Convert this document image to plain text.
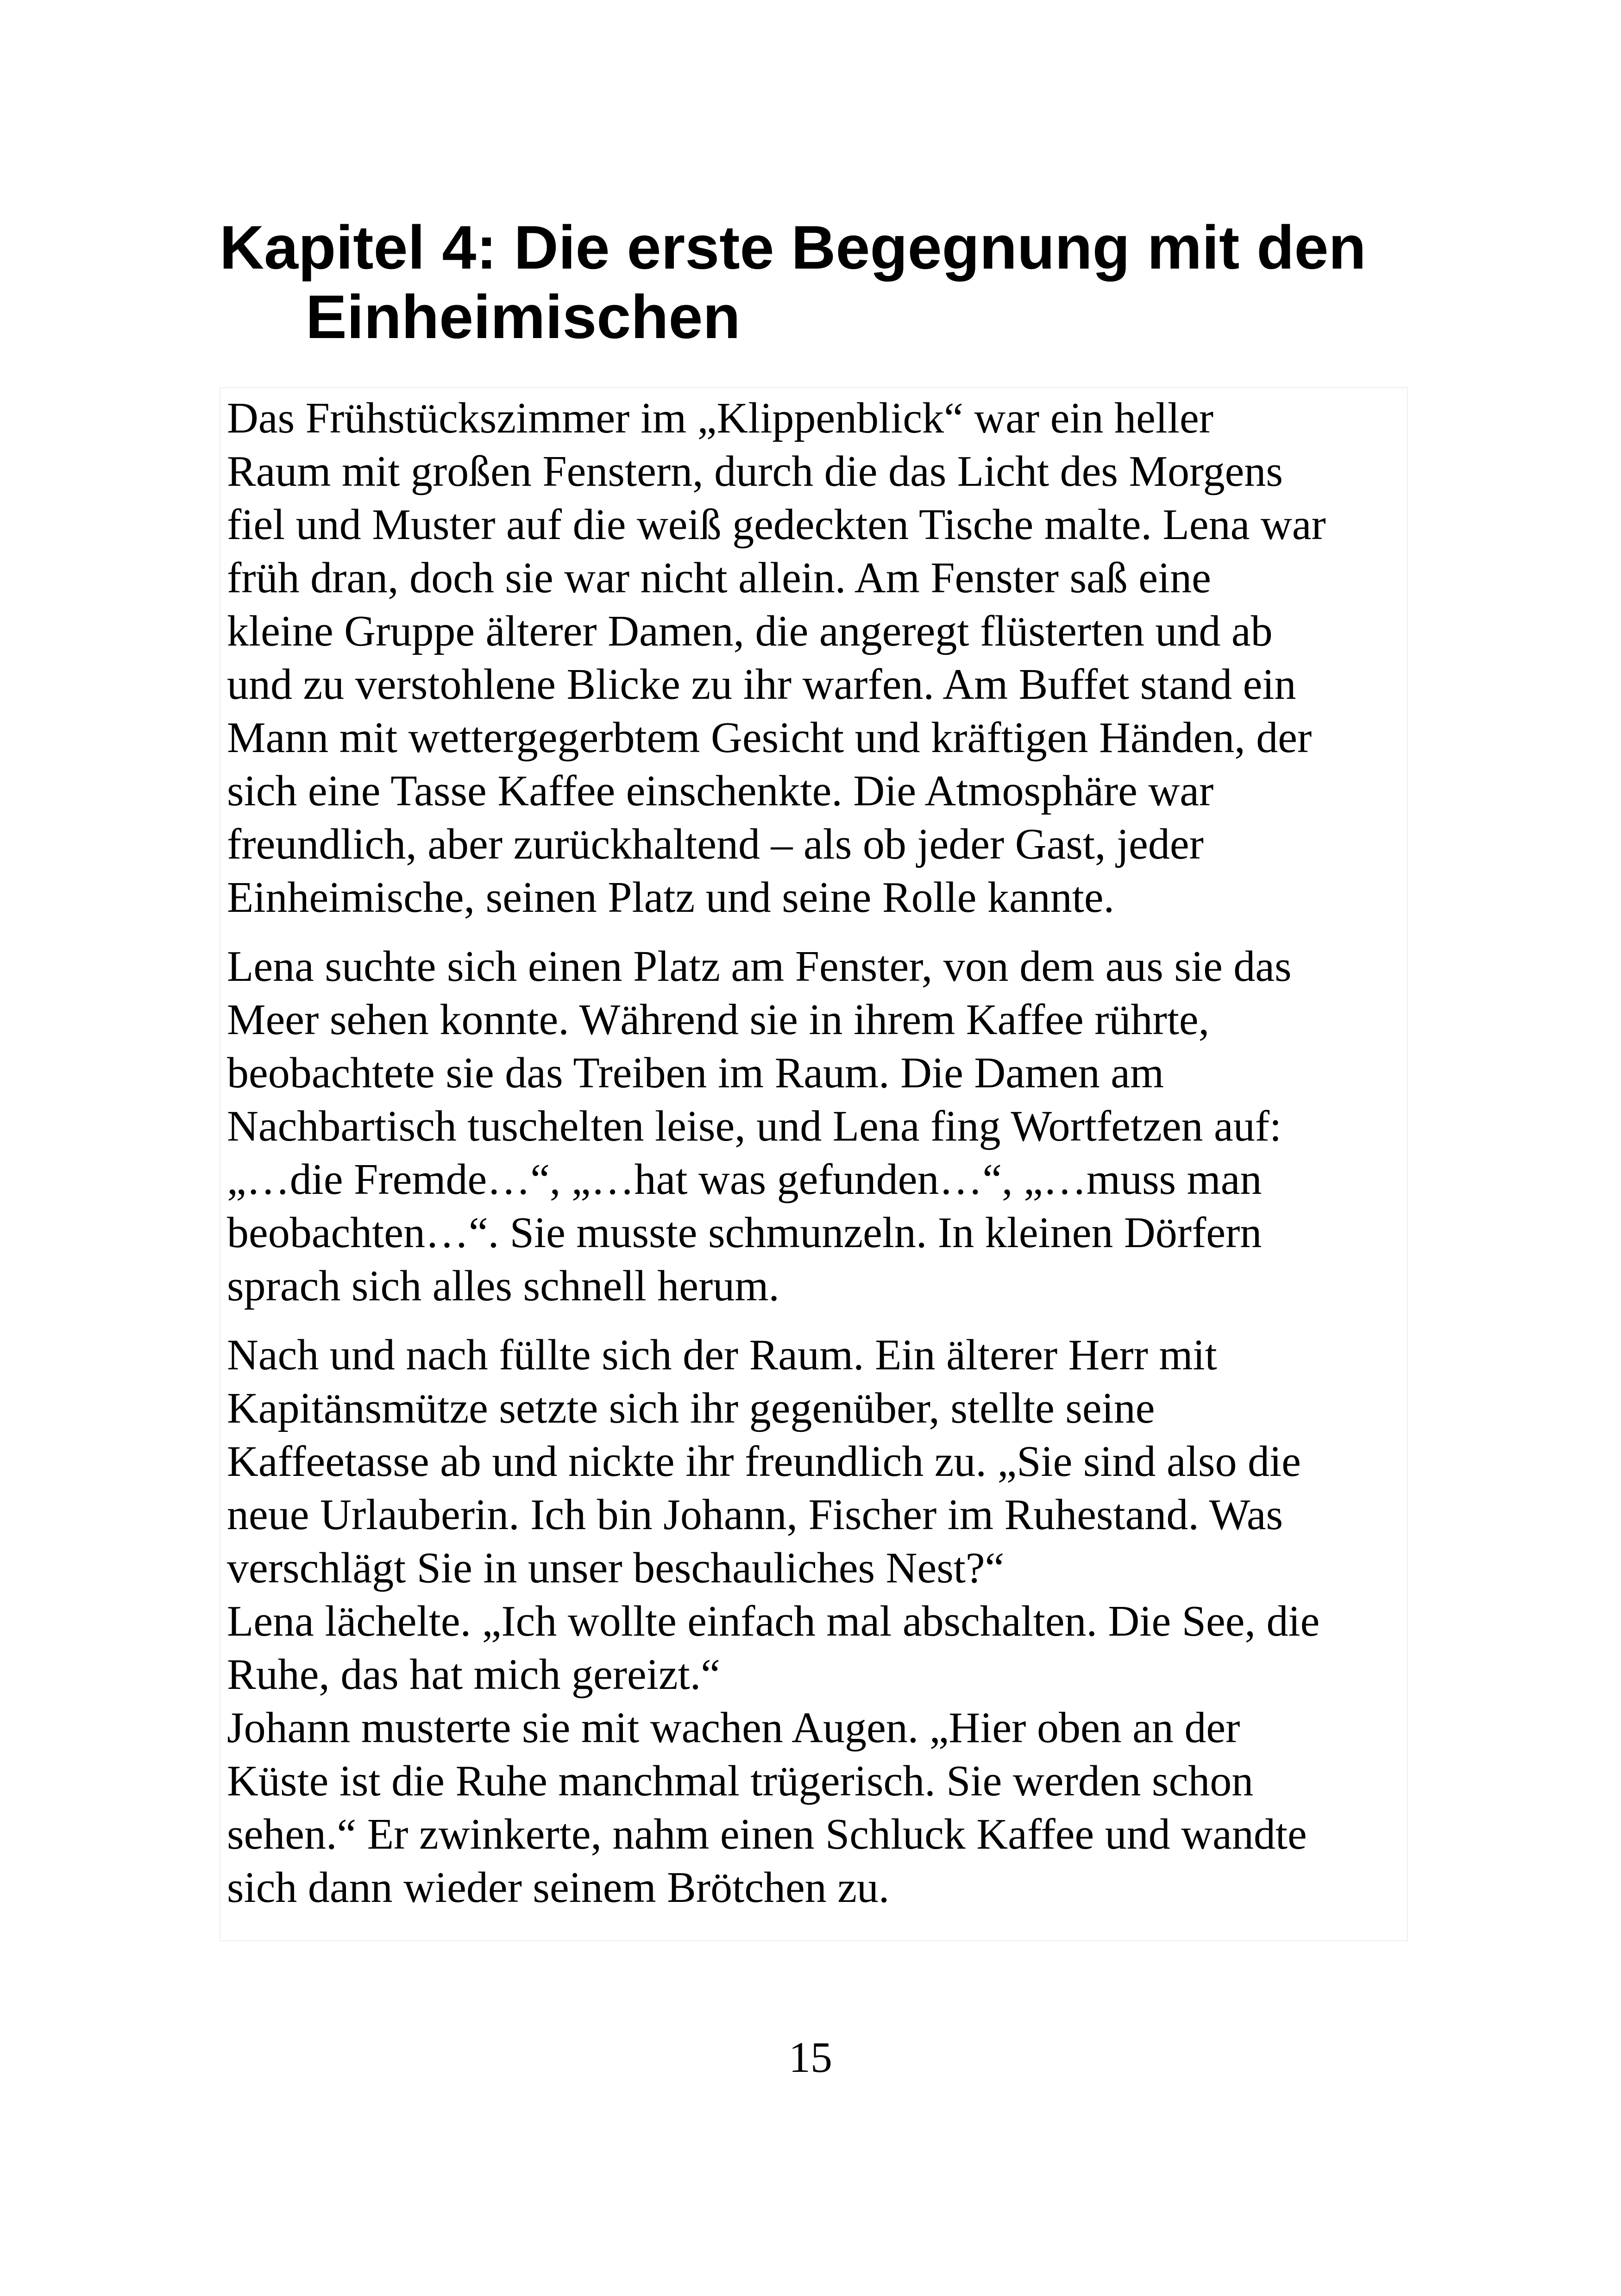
Kapitel 4: Die erste Begegnung mit den Einheimischen

Das Frühstückszimmer im „Klippenblick“ war ein heller
Raum mit großen Fenstern, durch die das Licht des Morgens
fiel und Muster auf die weiß gedeckten Tische malte. Lena war
früh dran, doch sie war nicht allein. Am Fenster saß eine
kleine Gruppe älterer Damen, die angeregt flüsterten und ab
und zu verstohlene Blicke zu ihr warfen. Am Buffet stand ein
Mann mit wettergegerbtem Gesicht und kräftigen Händen, der
sich eine Tasse Kaffee einschenkte. Die Atmosphäre war
freundlich, aber zurückhaltend – als ob jeder Gast, jeder
Einheimische, seinen Platz und seine Rolle kannte.

Lena suchte sich einen Platz am Fenster, von dem aus sie das
Meer sehen konnte. Während sie in ihrem Kaffee rührte,
beobachtete sie das Treiben im Raum. Die Damen am
Nachbartisch tuschelten leise, und Lena fing Wortfetzen auf:
„…die Fremde…“, „…hat was gefunden…“, „…muss man
beobachten…“. Sie musste schmunzeln. In kleinen Dörfern
sprach sich alles schnell herum.

Nach und nach füllte sich der Raum. Ein älterer Herr mit
Kapitänsmütze setzte sich ihr gegenüber, stellte seine
Kaffeetasse ab und nickte ihr freundlich zu. „Sie sind also die
neue Urlauberin. Ich bin Johann, Fischer im Ruhestand. Was
verschlägt Sie in unser beschauliches Nest?“
Lena lächelte. „Ich wollte einfach mal abschalten. Die See, die
Ruhe, das hat mich gereizt.“
Johann musterte sie mit wachen Augen. „Hier oben an der
Küste ist die Ruhe manchmal trügerisch. Sie werden schon
sehen.“ Er zwinkerte, nahm einen Schluck Kaffee und wandte
sich dann wieder seinem Brötchen zu.

15
